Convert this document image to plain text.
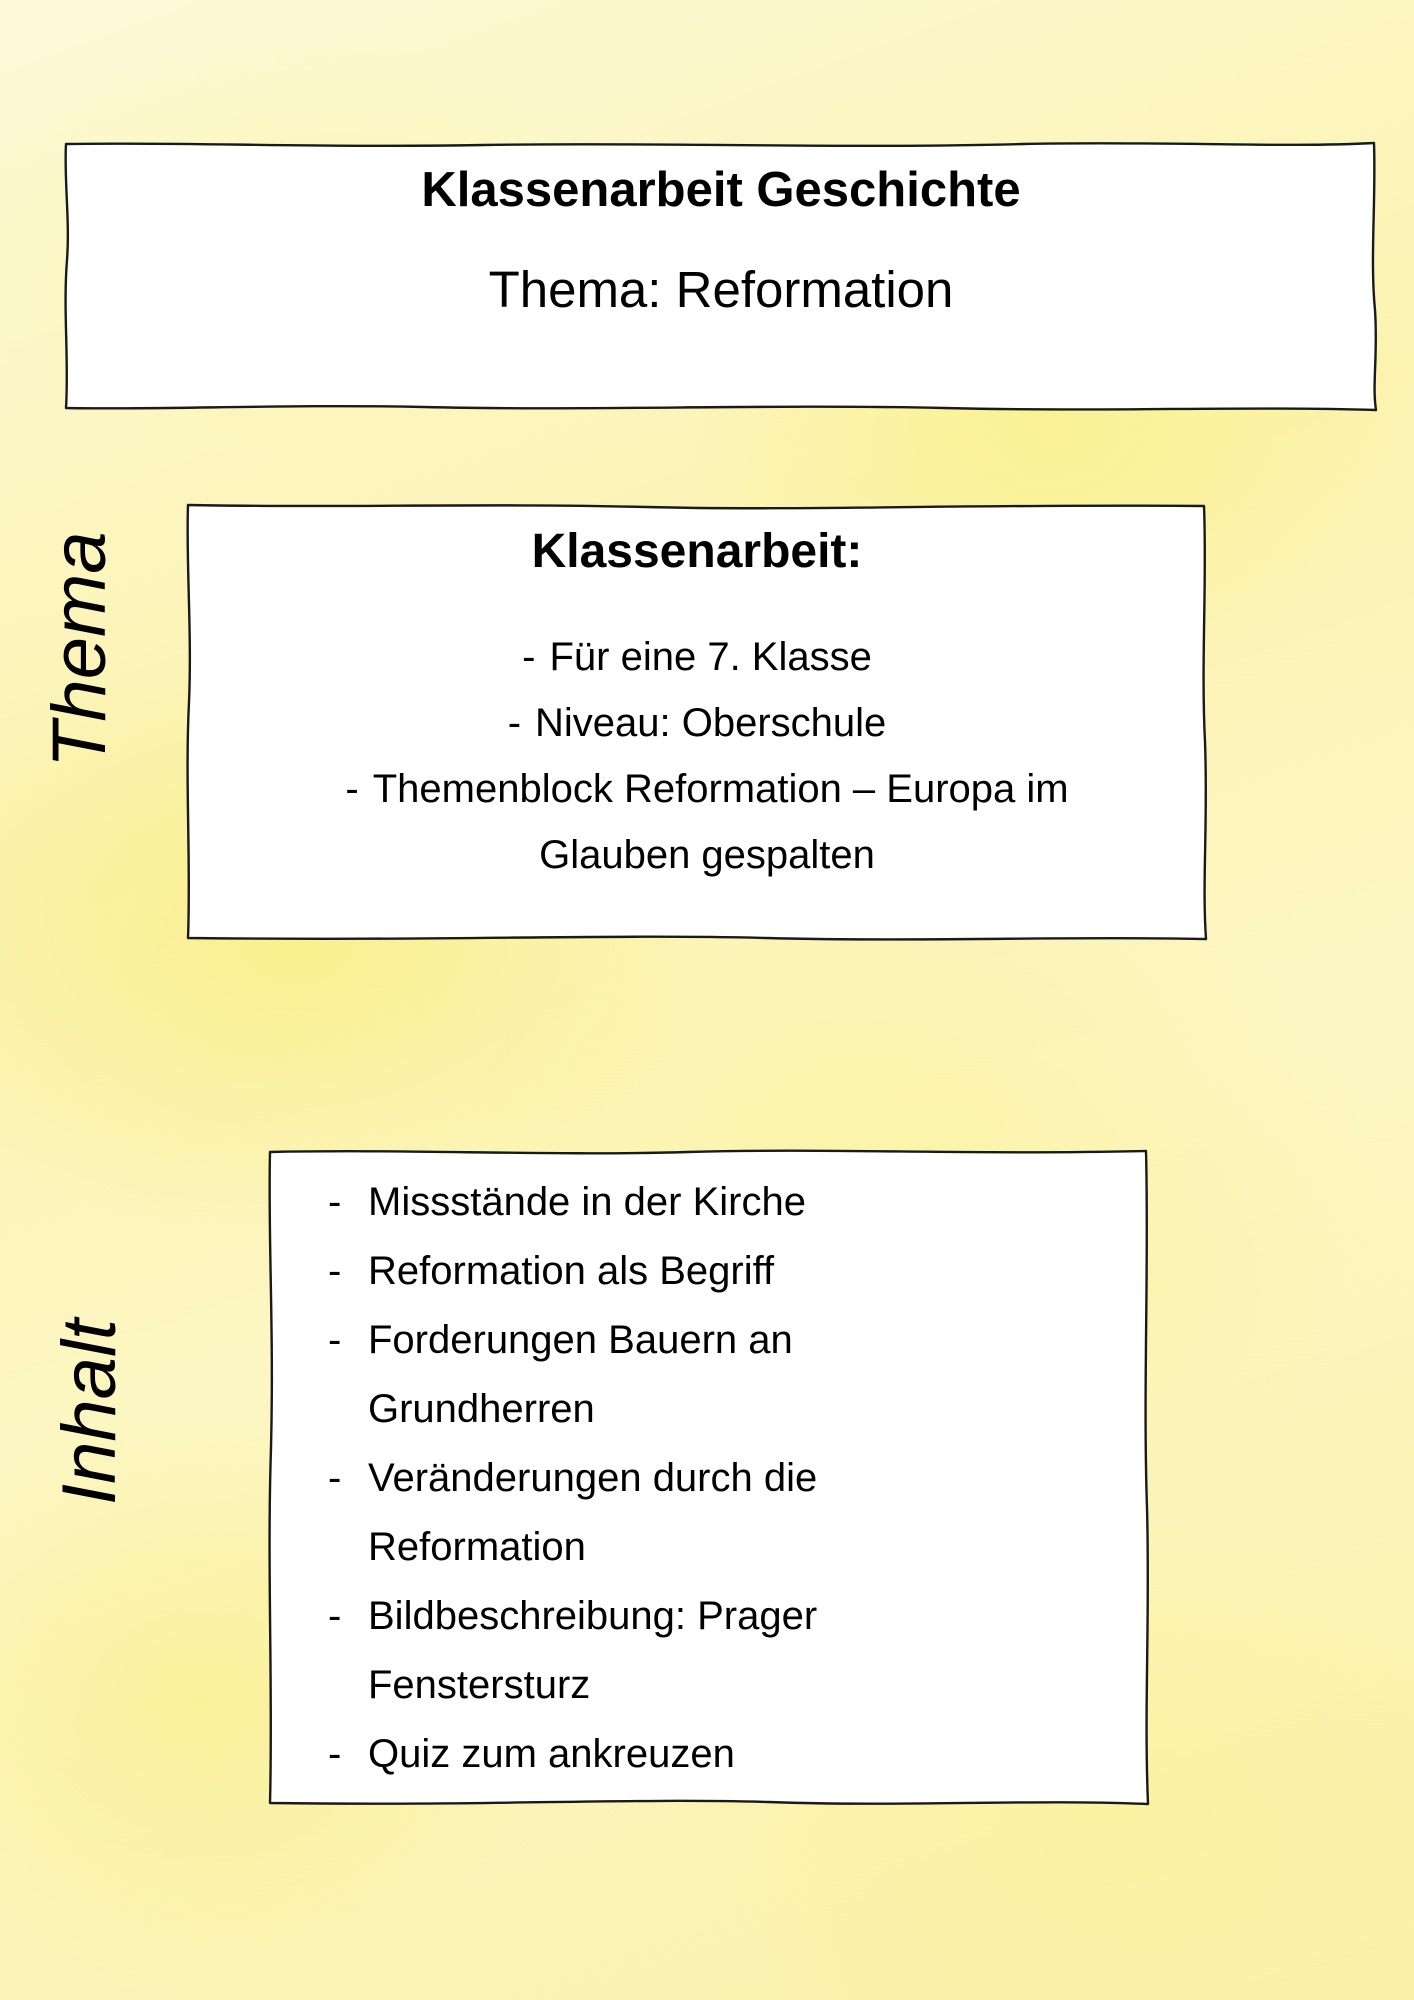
Klassenarbeit Geschichte
Thema: Reformation
Thema	Klassenarbeit:
- Für eine 7. Klasse
- Niveau: Oberschule
- Themenblock Reformation – Europa im Glauben gespalten
Inhalt
- Missstände in der Kirche
- Reformation als Begriff
- Forderungen Bauern an Grundherren
- Veränderungen durch die Reformation
- Bildbeschreibung: Prager Fenstersturz
- Quiz zum ankreuzen
